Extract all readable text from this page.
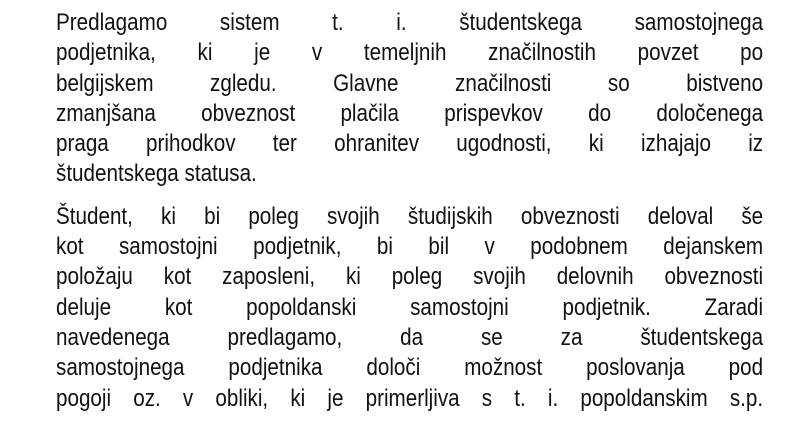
Predlagamo sistem t. i. študentskega samostojnega
podjetnika, ki je v temeljnih značilnostih povzet po
belgijskem zgledu. Glavne značilnosti so bistveno
zmanjšana obveznost plačila prispevkov do določenega
praga prihodkov ter ohranitev ugodnosti, ki izhajajo iz
študentskega statusa.
Študent, ki bi poleg svojih študijskih obveznosti deloval še
kot samostojni podjetnik, bi bil v podobnem dejanskem
položaju kot zaposleni, ki poleg svojih delovnih obveznosti
deluje kot popoldanski samostojni podjetnik. Zaradi
navedenega predlagamo, da se za študentskega
samostojnega podjetnika določi možnost poslovanja pod
pogoji oz. v obliki, ki je primerljiva s t. i. popoldanskim s.p.
